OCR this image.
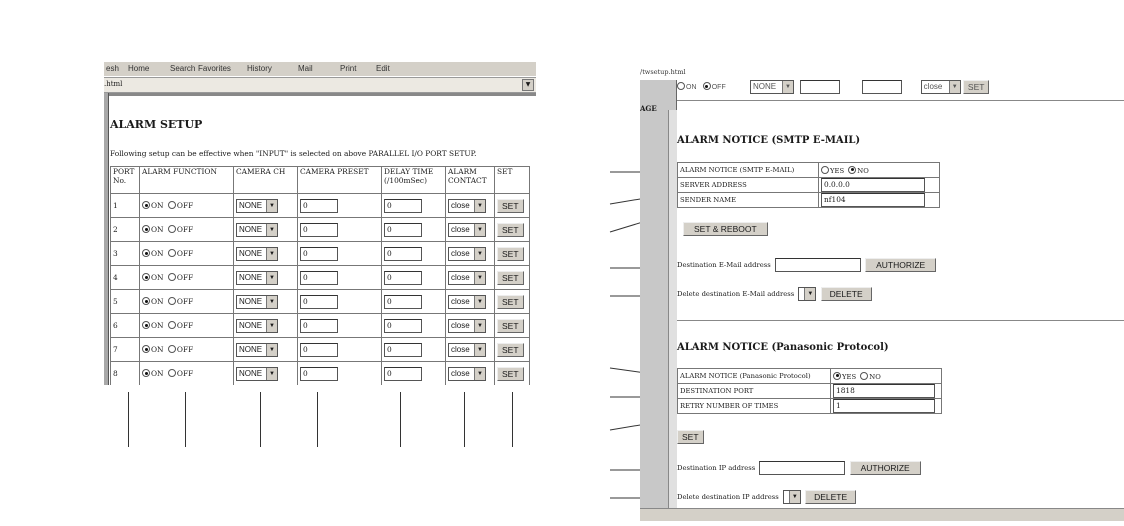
esh Home	Search Favorites History	Mail	Print Edit
.html	▼
ALARM SETUP
Following setup can be effective when "INPUT" is selected on above PARALLEL I/O PORT SETUP.
PORT No.	ALARM FUNCTION	CAMERA CH	CAMERA PRESET	DELAY TIME (/100mSec)	ALARM CONTACT	SET
1	ON OFF	NONE ▼	0	0	close ▼	SET
2	ON OFF	NONE ▼	0	0	close ▼	SET
3	ON OFF	NONE ▼	0	0	close ▼	SET
4	ON OFF	NONE ▼	0	0	close ▼	SET
5	ON OFF	NONE ▼	0	0	close ▼	SET
6	ON OFF	NONE ▼	0	0	close ▼	SET
7	ON OFF	NONE ▼	0	0	close ▼	SET
8	ON OFF	NONE ▼	0	0	close ▼	SET
/twsetup.html
AGE
ON OFF	NONE	▼	close	▼ SET
ALARM NOTICE (SMTP E-MAIL)
ALARM NOTICE (SMTP E-MAIL)	YES NO
SERVER ADDRESS	0.0.0.0
SENDER NAME	nf104
SET & REBOOT
Destination E-Mail address	AUTHORIZE
Delete destination E-Mail address	▼ DELETE
ALARM NOTICE (Panasonic Protocol)
ALARM NOTICE (Panasonic Protocol)	YES NO
DESTINATION PORT	1818
RETRY NUMBER OF TIMES	1
SET
Destination IP address	AUTHORIZE
Delete destination IP address	▼ DELETE
